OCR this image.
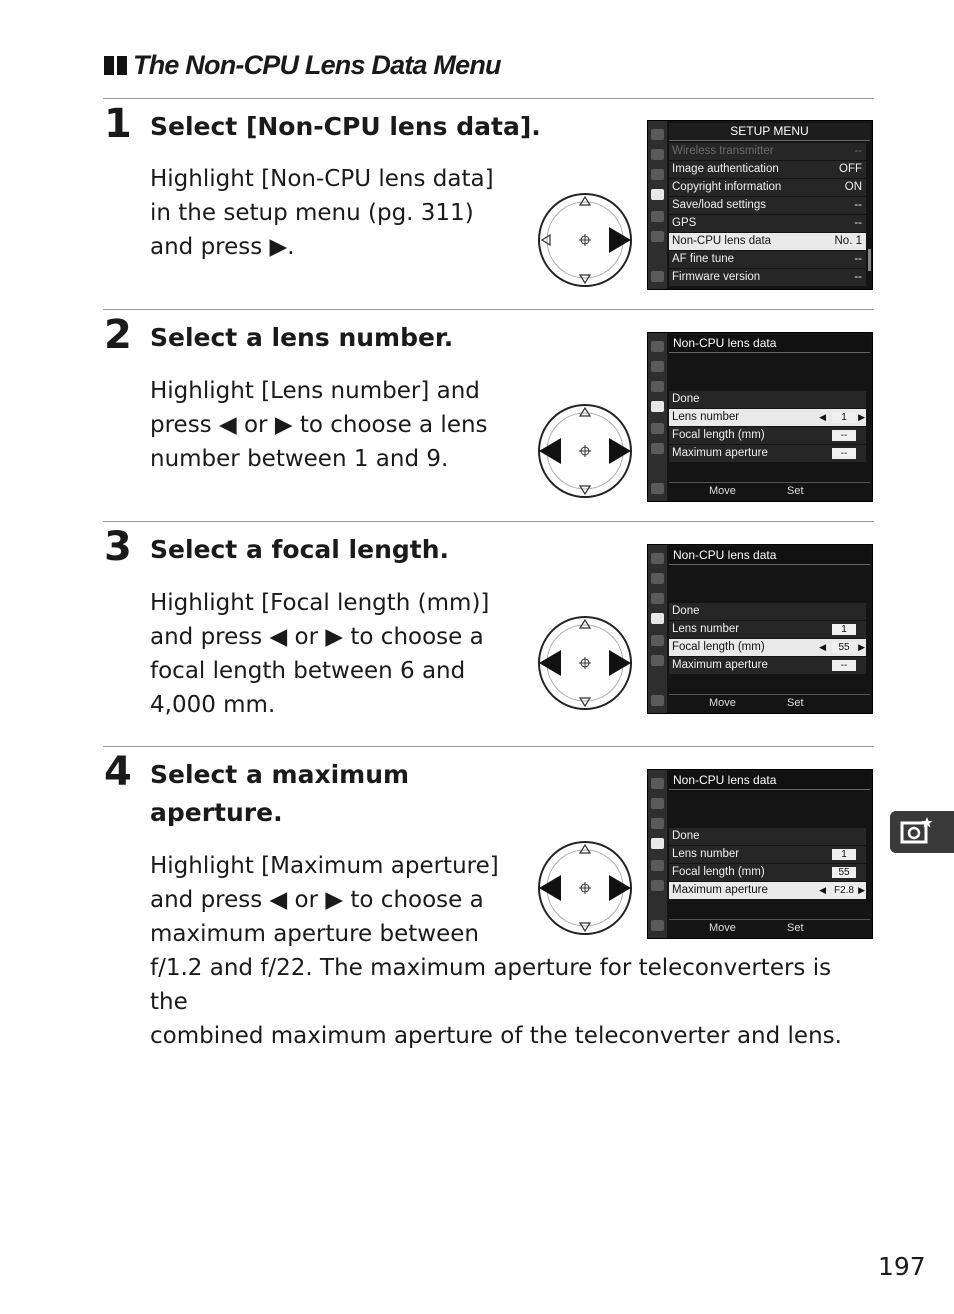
The Non-CPU Lens Data Menu
1 Select [Non-CPU lens data].
Highlight [Non-CPU lens data]
in the setup menu (pg. 311)
and press ▶.
SETUP MENU
Wireless transmitter	--
Image authentication	OFF
Copyright information	ON
Save/load settings	--
GPS	--
Non-CPU lens data	No. 1
AF fine tune	--
Firmware version	--
2 Select a lens number.
Highlight [Lens number] and
press ◀ or ▶ to choose a lens
number between 1 and 9.
Non-CPU lens data
Done
Lens number	◀	1	▶
Focal length (mm)	--
Maximum aperture	--
Move	Set
3 Select a focal length.
Highlight [Focal length (mm)]
and press ◀ or ▶ to choose a
focal length between 6 and
4,000 mm.
Non-CPU lens data
Done
Lens number	1
Focal length (mm)	◀	55 ▶
Maximum aperture	--
Move	Set
4 Select a maximum
aperture.
Highlight [Maximum aperture]
and press ◀ or ▶ to choose a
maximum aperture between
f/1.2 and f/22. The maximum aperture for teleconverters is the
combined maximum aperture of the teleconverter and lens.
Non-CPU lens data
Done
Lens number	1
Focal length (mm)	55
Maximum aperture	◀ F2.8 ▶
Move	Set
197
